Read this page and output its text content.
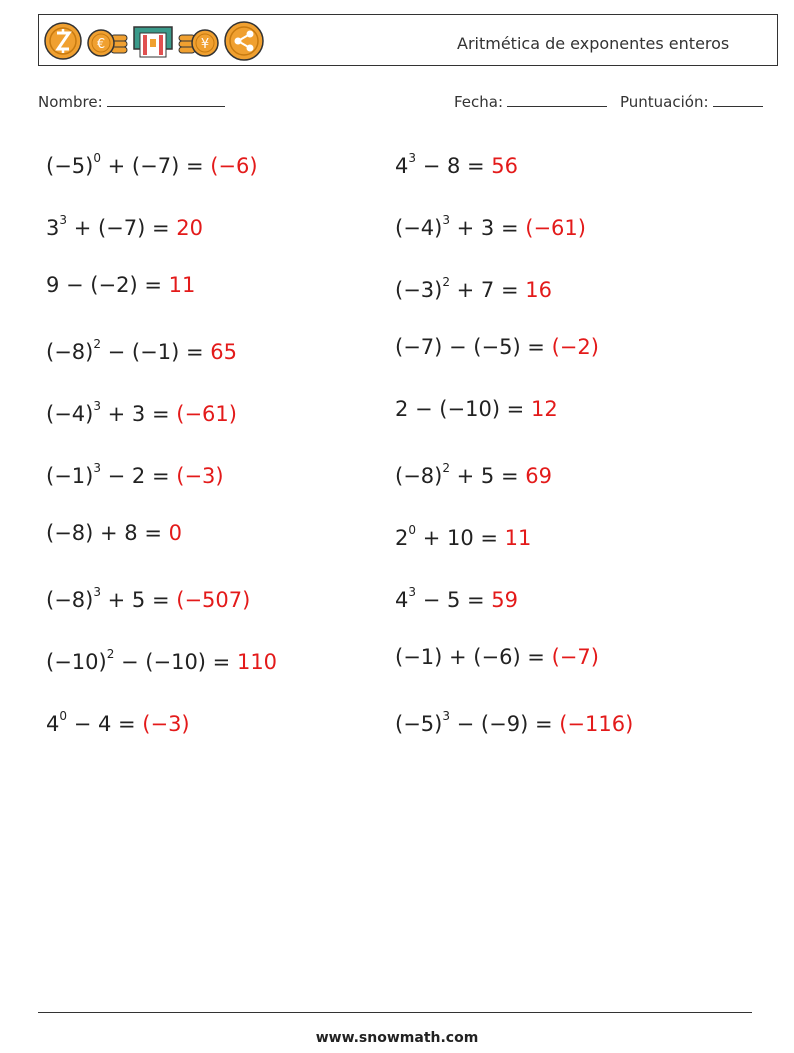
€	¥	Aritmética de exponentes enteros
Nombre:	Fecha:	Puntuación:
$(-5)^0 + (-7) = (-6)$	$4^3 - 8 = 56$
$3^3 + (-7) = 20$	$(-4)^3 + 3 = (-61)$
9 − (−2) = 11	$(-3)^2 + 7 = 16$
$(-8)^2 - (-1) = 65$	(−7) − (−5) = (−2)
$(-4)^3 + 3 = (-61)$	2 − (−10) = 12
$(-1)^3 - 2 = (-3)$	$(-8)^2 + 5 = 69$
(−8) + 8 = 0	$2^0 + 10 = 11$
$(-8)^3 + 5 = (-507)$	$4^3 - 5 = 59$
$(-10)^2 - (-10) = 110$	(−1) + (−6) = (−7)
$4^0 - 4 = (-3)$	$(-5)^3 - (-9) = (-116)$
www.snowmath.com
